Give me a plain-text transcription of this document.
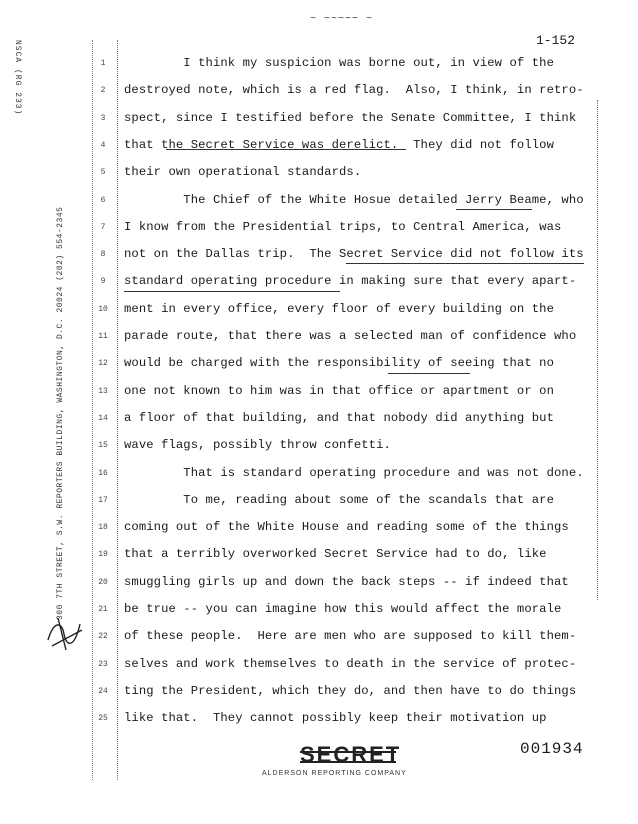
~ ~~~~~ ~
1-152
NSCA (RG 233)
300 7TH STREET, S.W. REPORTERS BUILDING, WASHINGTON, D.C. 20024 (202) 554-2345
1	I think my suspicion was borne out, in view of the
2	destroyed note, which is a red flag.  Also, I think, in retro-
3	spect, since I testified before the Senate Committee, I think
4	that the Secret Service was derelict.  They did not follow
5	their own operational standards.
6	The Chief of the White Hosue detailed Jerry Beame, who
7	I know from the Presidential trips, to Central America, was
8	not on the Dallas trip.  The Secret Service did not follow its
9	standard operating procedure in making sure that every apart-
10 ment in every office, every floor of every building on the
11 parade route, that there was a selected man of confidence who
12 would be charged with the responsibility of seeing that no
13 one not known to him was in that office or apartment or on
14 a floor of that building, and that nobody did anything but
15 wave flags, possibly throw confetti.
16 That is standard operating procedure and was not done.
17 To me, reading about some of the scandals that are
18 coming out of the White House and reading some of the things
19 that a terribly overworked Secret Service had to do, like
20 smuggling girls up and down the back steps -- if indeed that
21 be true -- you can imagine how this would affect the morale
22 of these people.  Here are men who are supposed to kill them-
23 selves and work themselves to death in the service of protec-
24 ting the President, which they do, and then have to do things
25 like that.  They cannot possibly keep their motivation up
SECRET	001934
ALDERSON REPORTING COMPANY
